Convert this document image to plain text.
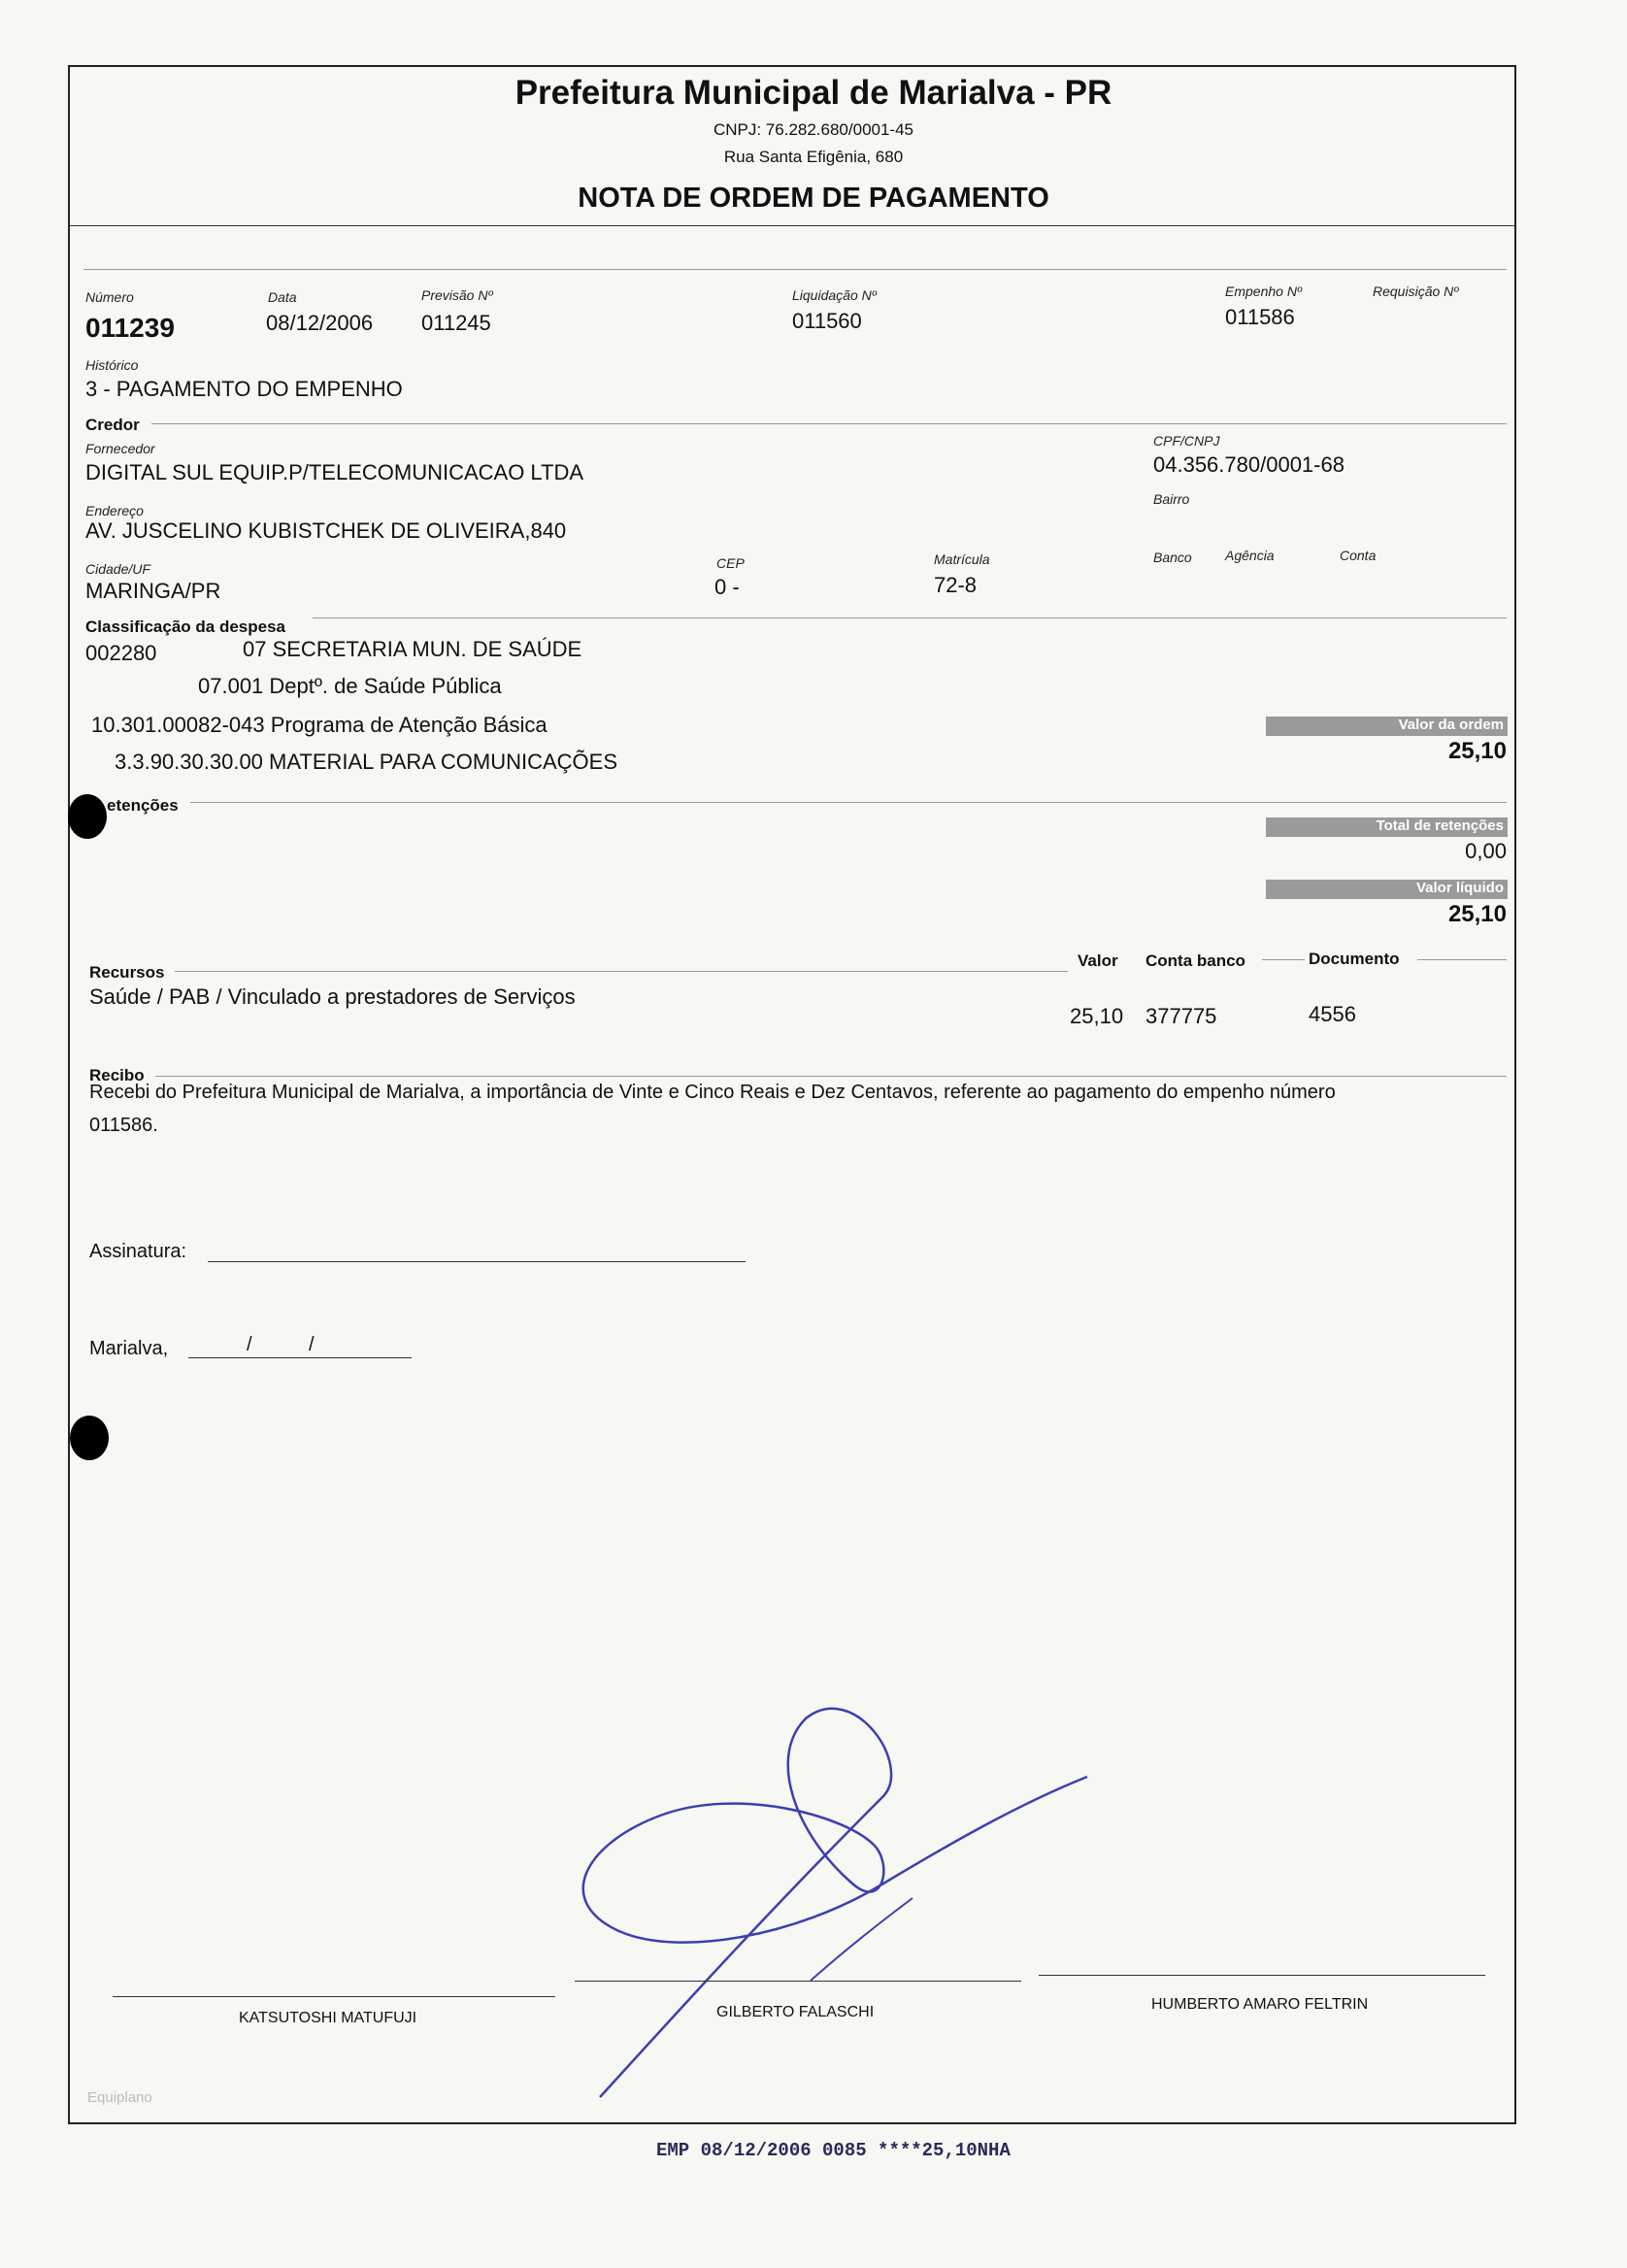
Prefeitura Municipal de Marialva - PR
CNPJ: 76.282.680/0001-45
Rua Santa Efigênia, 680
NOTA DE ORDEM DE PAGAMENTO
Número
011239
Data
08/12/2006
Previsão Nº
011245
Liquidação Nº
011560
Empenho Nº
011586
Requisição Nº
Histórico
3 - PAGAMENTO DO EMPENHO
Credor
Fornecedor
DIGITAL SUL EQUIP.P/TELECOMUNICACAO LTDA
CPF/CNPJ
04.356.780/0001-68
Bairro
Endereço
AV. JUSCELINO KUBISTCHEK DE OLIVEIRA,840
Cidade/UF
MARINGA/PR
CEP
0 -
Matrícula
72-8
Banco Agência	Conta
Classificação da despesa
002280	07 SECRETARIA MUN. DE SAÚDE
07.001 Deptº. de Saúde Pública
10.301.00082-043 Programa de Atenção Básica
3.3.90.30.30.00 MATERIAL PARA COMUNICAÇÕES
Valor da ordem
25,10
etenções
Total de retenções
0,00
Valor líquido
25,10
Recursos
Valor Conta banco	Documento
Saúde / PAB / Vinculado a prestadores de Serviços
25,10 377775	4556
Recibo
Recebi do Prefeitura Municipal de Marialva, a importância de Vinte e Cinco Reais e Dez Centavos, referente ao pagamento do empenho número
011586.
Assinatura:
Marialva,	/	/
KATSUTOSHI MATUFUJI	GILBERTO FALASCHI	HUMBERTO AMARO FELTRIN
Equiplano
EMP 08/12/2006 0085 ****25,10NHA
